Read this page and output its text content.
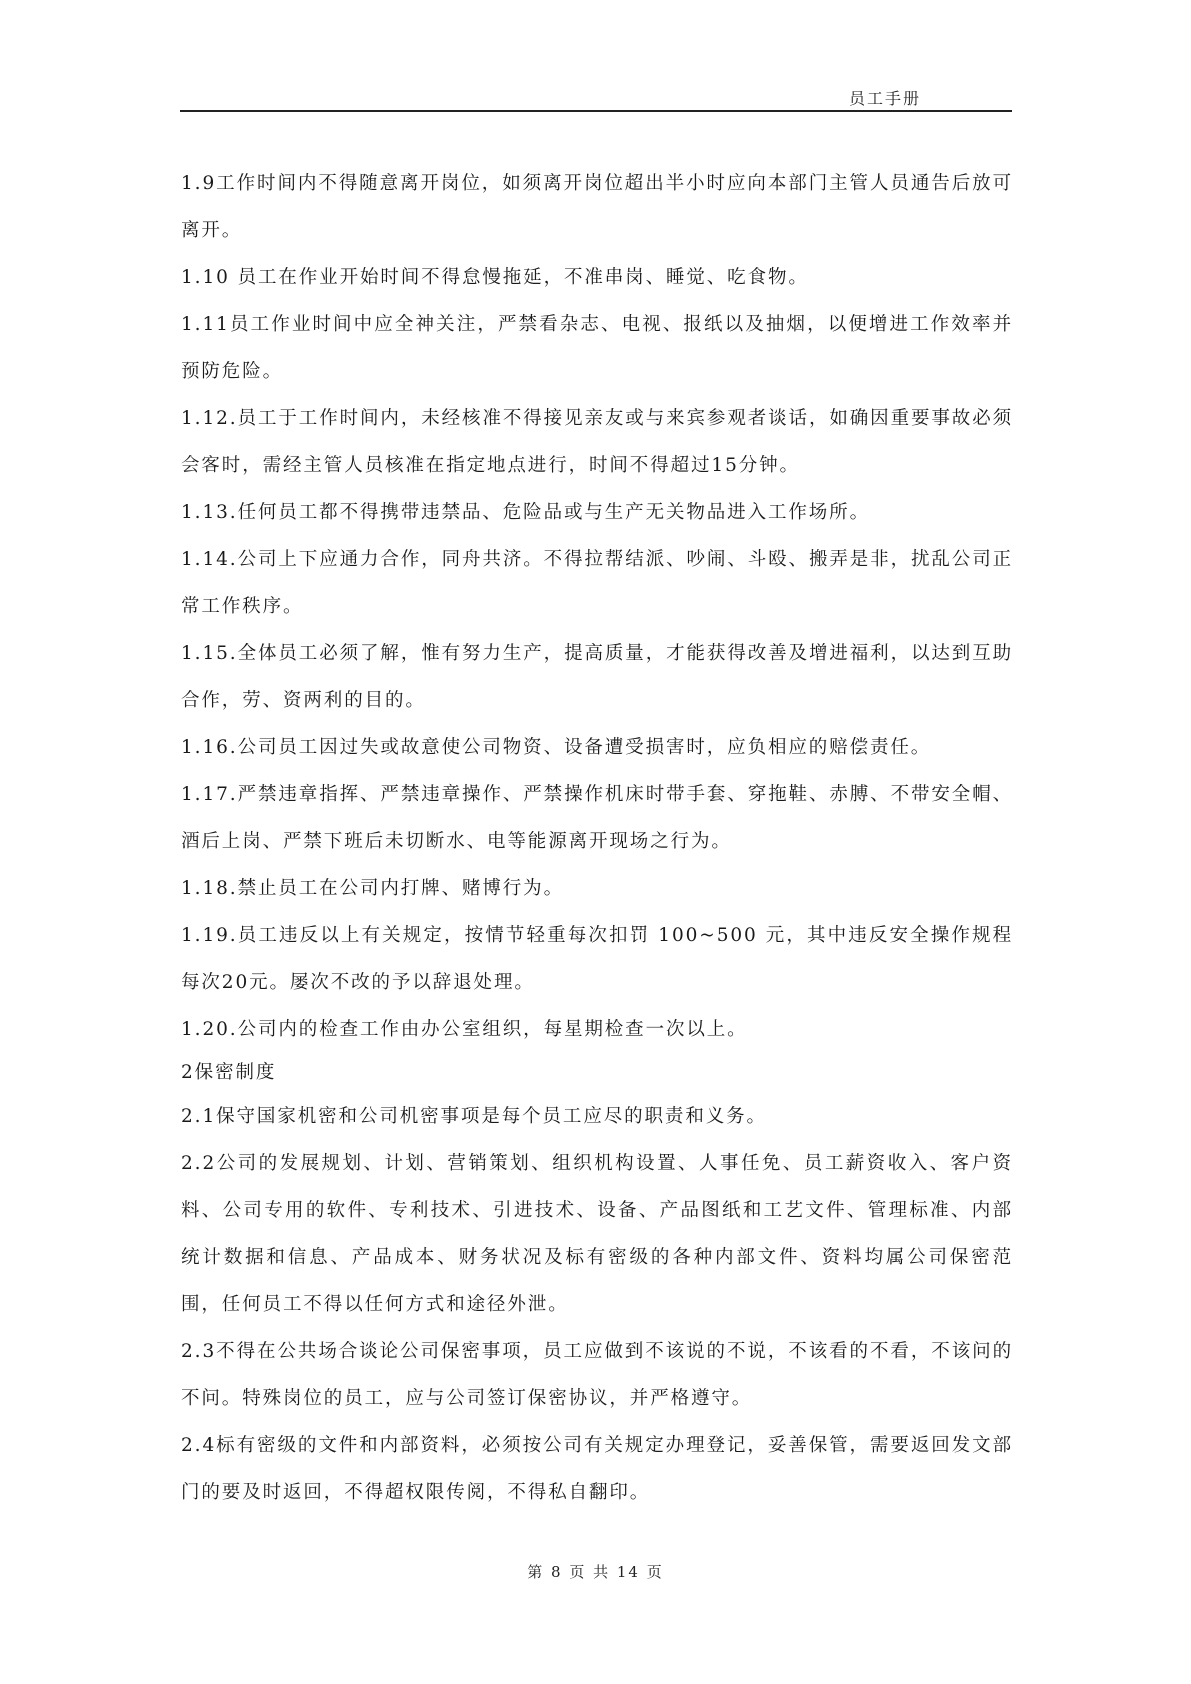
员工手册

1.9工作时间内不得随意离开岗位，如须离开岗位超出半小时应向本部门主管人员通告后放可离开。

1.10 员工在作业开始时间不得怠慢拖延，不准串岗、睡觉、吃食物。

1.11员工作业时间中应全神关注，严禁看杂志、电视、报纸以及抽烟，以便增进工作效率并预防危险。

1.12.员工于工作时间内，未经核准不得接见亲友或与来宾参观者谈话，如确因重要事故必须会客时，需经主管人员核准在指定地点进行，时间不得超过15分钟。

1.13.任何员工都不得携带违禁品、危险品或与生产无关物品进入工作场所。

1.14.公司上下应通力合作，同舟共济。不得拉帮结派、吵闹、斗殴、搬弄是非，扰乱公司正常工作秩序。

1.15.全体员工必须了解，惟有努力生产，提高质量，才能获得改善及增进福利，以达到互助合作，劳、资两利的目的。

1.16.公司员工因过失或故意使公司物资、设备遭受损害时，应负相应的赔偿责任。

1.17.严禁违章指挥、严禁违章操作、严禁操作机床时带手套、穿拖鞋、赤膊、不带安全帽、酒后上岗、严禁下班后未切断水、电等能源离开现场之行为。

1.18.禁止员工在公司内打牌、赌博行为。

1.19.员工违反以上有关规定，按情节轻重每次扣罚 100~500 元，其中违反安全操作规程每次20元。屡次不改的予以辞退处理。

1.20.公司内的检查工作由办公室组织，每星期检查一次以上。

2保密制度

2.1保守国家机密和公司机密事项是每个员工应尽的职责和义务。

2.2公司的发展规划、计划、营销策划、组织机构设置、人事任免、员工薪资收入、客户资料、公司专用的软件、专利技术、引进技术、设备、产品图纸和工艺文件、管理标准、内部统计数据和信息、产品成本、财务状况及标有密级的各种内部文件、资料均属公司保密范围，任何员工不得以任何方式和途径外泄。

2.3不得在公共场合谈论公司保密事项，员工应做到不该说的不说，不该看的不看，不该问的不问。特殊岗位的员工，应与公司签订保密协议，并严格遵守。

2.4标有密级的文件和内部资料，必须按公司有关规定办理登记，妥善保管，需要返回发文部门的要及时返回，不得超权限传阅，不得私自翻印。

第 8 页 共 14 页
